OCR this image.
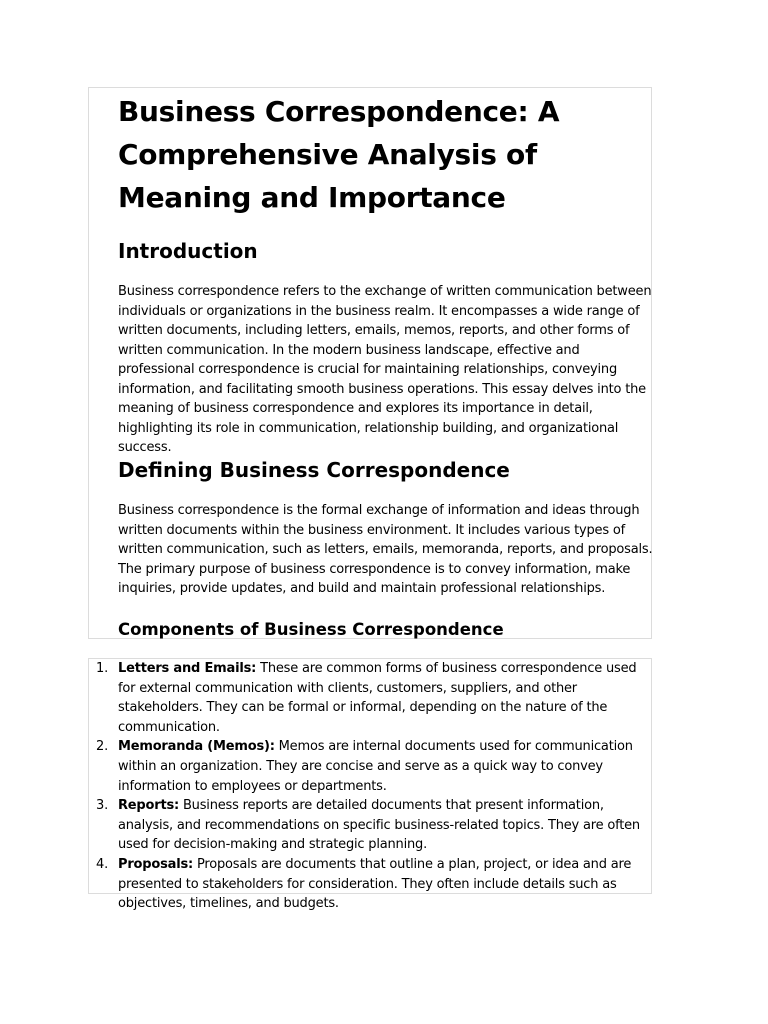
Business Correspondence: A Comprehensive Analysis of Meaning and Importance
Introduction

Business correspondence refers to the exchange of written communication between individuals or organizations in the business realm. It encompasses a wide range of written documents, including letters, emails, memos, reports, and other forms of written communication. In the modern business landscape, effective and professional correspondence is crucial for maintaining relationships, conveying information, and facilitating smooth business operations. This essay delves into the meaning of business correspondence and explores its importance in detail, highlighting its role in communication, relationship building, and organizational success.

Defining Business Correspondence

Business correspondence is the formal exchange of information and ideas through written documents within the business environment. It includes various types of written communication, such as letters, emails, memoranda, reports, and proposals. The primary purpose of business correspondence is to convey information, make inquiries, provide updates, and build and maintain professional relationships.

Components of Business Correspondence
1. Letters and Emails: These are common forms of business correspondence used for external communication with clients, customers, suppliers, and other stakeholders. They can be formal or informal, depending on the nature of the communication.
2. Memoranda (Memos): Memos are internal documents used for communication within an organization. They are concise and serve as a quick way to convey information to employees or departments.
3. Reports: Business reports are detailed documents that present information, analysis, and recommendations on specific business-related topics. They are often used for decision-making and strategic planning.
4. Proposals: Proposals are documents that outline a plan, project, or idea and are presented to stakeholders for consideration. They often include details such as objectives, timelines, and budgets.
